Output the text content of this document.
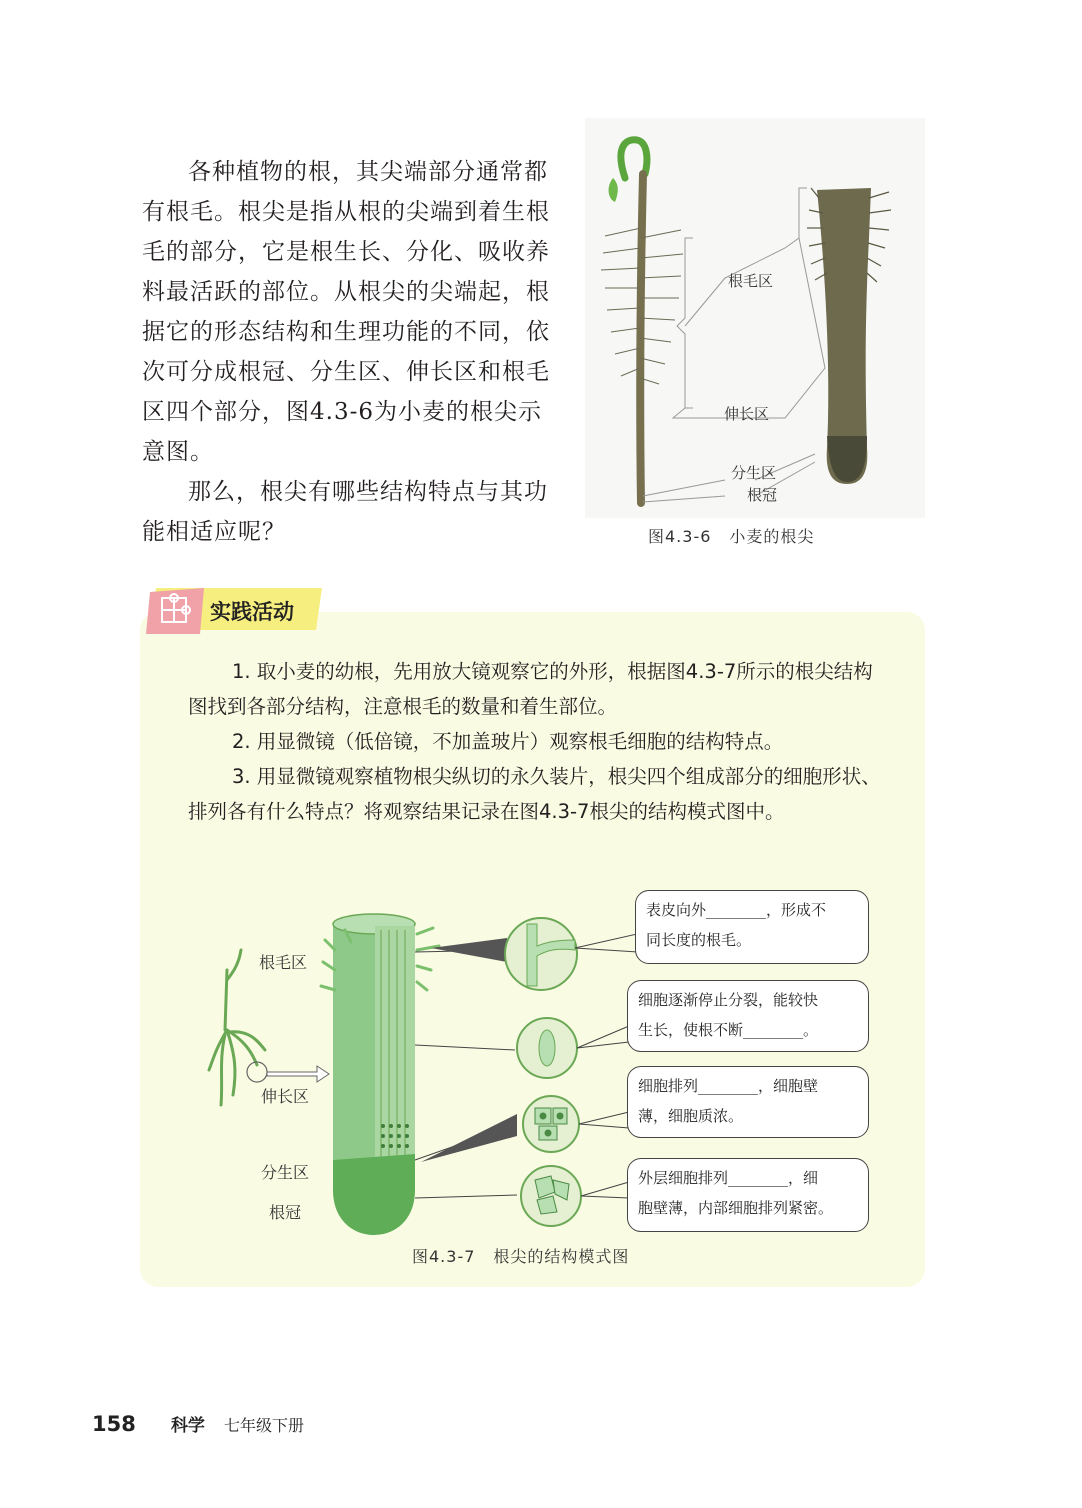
各种植物的根，其尖端部分通常都有根毛。根尖是指从根的尖端到着生根毛的部分，它是根生长、分化、吸收养料最活跃的部位。从根尖的尖端起，根据它的形态结构和生理功能的不同，依次可分成根冠、分生区、伸长区和根毛区四个部分，图4.3-6为小麦的根尖示意图。

那么，根尖有哪些结构特点与其功能相适应呢？

根毛区
伸长区
分生区
根冠
图4.3-6 小麦的根尖
实践活动

1. 取小麦的幼根，先用放大镜观察它的外形，根据图4.3-7所示的根尖结构图找到各部分结构，注意根毛的数量和着生部位。

2. 用显微镜（低倍镜，不加盖玻片）观察根毛细胞的结构特点。

3. 用显微镜观察植物根尖纵切的永久装片，根尖四个组成部分的细胞形状、排列各有什么特点？将观察结果记录在图4.3-7根尖的结构模式图中。

根毛区
伸长区
分生区
根冠
表皮向外________，形成不
同长度的根毛。
细胞逐渐停止分裂，能较快
生长，使根不断________。
细胞排列________，细胞壁
薄，细胞质浓。
外层细胞排列________，细
胞壁薄，内部细胞排列紧密。
图4.3-7 根尖的结构模式图
158 科学 七年级下册
